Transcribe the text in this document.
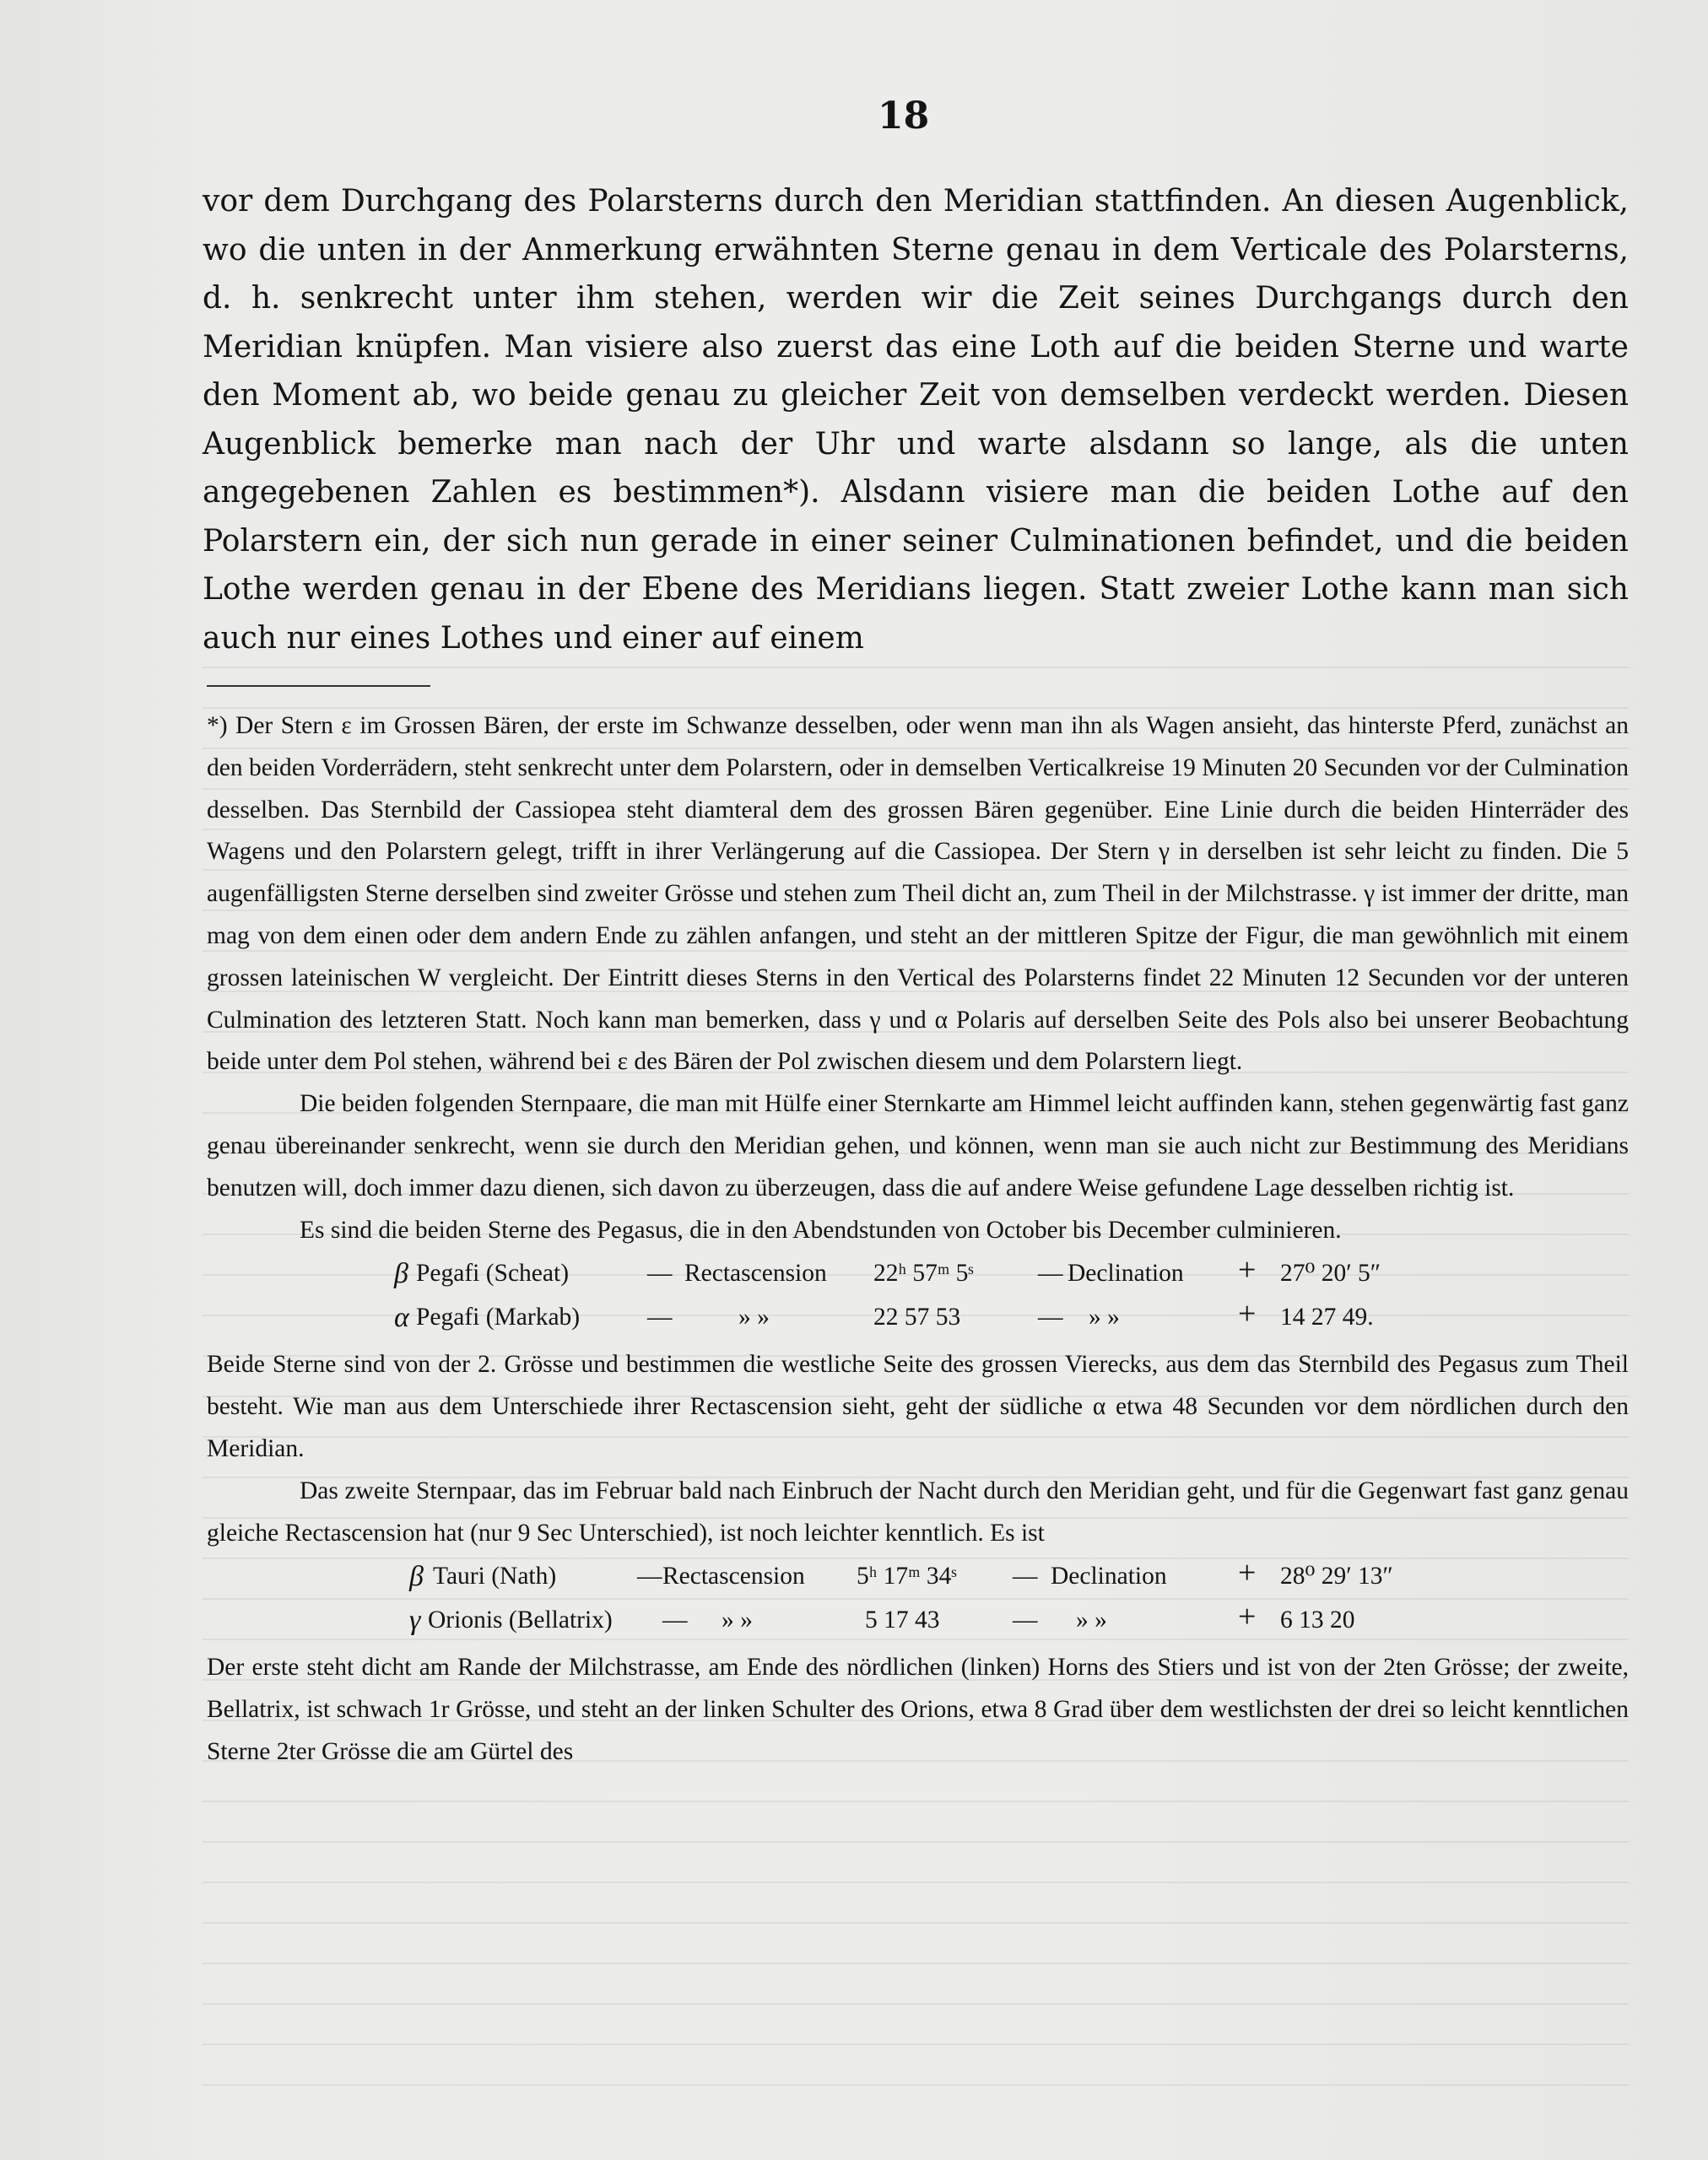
18

vor dem Durchgang des Polarsterns durch den Meridian stattfinden. An diesen Augenblick, wo die unten in der Anmerkung erwähnten Sterne genau in dem Verticale des Polarsterns, d. h. senkrecht unter ihm stehen, werden wir die Zeit seines Durchgangs durch den Meridian knüpfen. Man visiere also zuerst das eine Loth auf die beiden Sterne und warte den Moment ab, wo beide genau zu gleicher Zeit von demselben verdeckt werden. Diesen Augenblick bemerke man nach der Uhr und warte alsdann so lange, als die unten angegebenen Zahlen es bestimmen*). Alsdann visiere man die beiden Lothe auf den Polarstern ein, der sich nun gerade in einer seiner Culminationen befindet, und die beiden Lothe werden genau in der Ebene des Meridians liegen. Statt zweier Lothe kann man sich auch nur eines Lothes und einer auf einem

*) Der Stern ε im Grossen Bären, der erste im Schwanze desselben, oder wenn man ihn als Wagen ansieht, das hinterste Pferd, zunächst an den beiden Vorderrädern, steht senkrecht unter dem Polarstern, oder in demselben Verticalkreise 19 Minuten 20 Secunden vor der Culmination desselben. Das Sternbild der Cassiopea steht diamteral dem des grossen Bären gegenüber. Eine Linie durch die beiden Hinterräder des Wagens und den Polarstern gelegt, trifft in ihrer Verlängerung auf die Cassiopea. Der Stern γ in derselben ist sehr leicht zu finden. Die 5 augenfälligsten Sterne derselben sind zweiter Grösse und stehen zum Theil dicht an, zum Theil in der Milchstrasse. γ ist immer der dritte, man mag von dem einen oder dem andern Ende zu zählen anfangen, und steht an der mittleren Spitze der Figur, die man gewöhnlich mit einem grossen lateinischen W vergleicht. Der Eintritt dieses Sterns in den Vertical des Polarsterns findet 22 Minuten 12 Secunden vor der unteren Culmination des letzteren Statt. Noch kann man bemerken, dass γ und α Polaris auf derselben Seite des Pols also bei unserer Beobachtung beide unter dem Pol stehen, während bei ε des Bären der Pol zwischen diesem und dem Polarstern liegt.

Die beiden folgenden Sternpaare, die man mit Hülfe einer Sternkarte am Himmel leicht auffinden kann, stehen gegenwärtig fast ganz genau übereinander senkrecht, wenn sie durch den Meridian gehen, und können, wenn man sie auch nicht zur Bestimmung des Meridians benutzen will, doch immer dazu dienen, sich davon zu überzeugen, dass die auf andere Weise gefundene Lage desselben richtig ist.

Es sind die beiden Sterne des Pegasus, die in den Abendstunden von October bis December culminieren.

β Pegafi (Scheat)	— Rectascension 22ʰ 57ᵐ 5ˢ	— Declination + 27⁰ 20′ 5″
α Pegafi (Markab)	—	» »	22 57 53	— » »	+ 14 27 49.

Beide Sterne sind von der 2. Grösse und bestimmen die westliche Seite des grossen Vierecks, aus dem das Sternbild des Pegasus zum Theil besteht. Wie man aus dem Unterschiede ihrer Rectascension sieht, geht der südliche α etwa 48 Secunden vor dem nördlichen durch den Meridian.

Das zweite Sternpaar, das im Februar bald nach Einbruch der Nacht durch den Meridian geht, und für die Gegenwart fast ganz genau gleiche Rectascension hat (nur 9 Sec Unterschied), ist noch leichter kenntlich. Es ist

β Tauri (Nath)	— Rectascension 5ʰ 17ᵐ 34ˢ — Declination + 28⁰ 29′ 13″
γ Orionis (Bellatrix) — » »	5 17 43	— » »	+ 6 13 20

Der erste steht dicht am Rande der Milchstrasse, am Ende des nördlichen (linken) Horns des Stiers und ist von der 2ten Grösse; der zweite, Bellatrix, ist schwach 1r Grösse, und steht an der linken Schulter des Orions, etwa 8 Grad über dem westlichsten der drei so leicht kenntlichen Sterne 2ter Grösse die am Gürtel des
